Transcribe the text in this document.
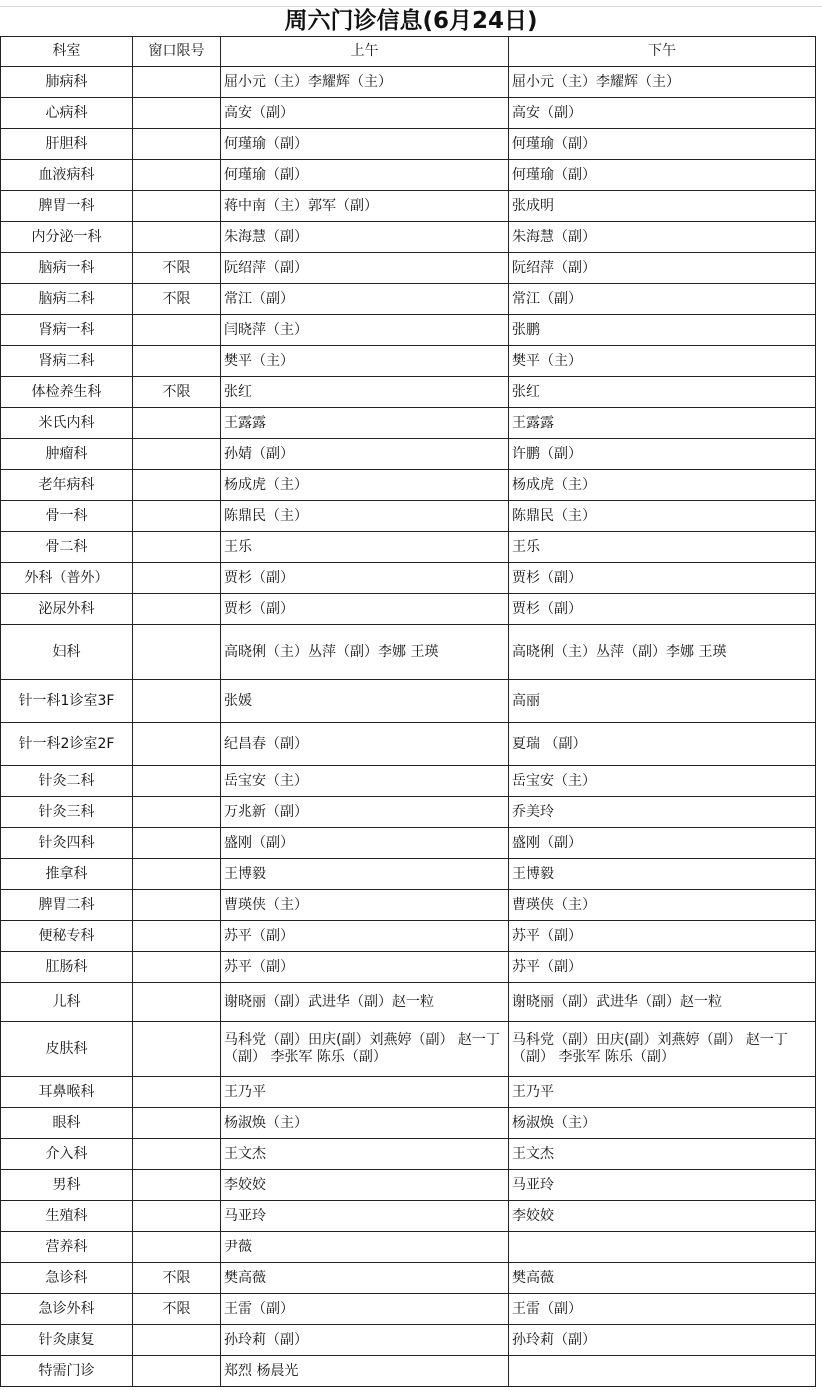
周六门诊信息(6月24日)
科室	窗口限号	上午	下午
肺病科		屈小元（主）李耀辉（主）	屈小元（主）李耀辉（主）
心病科		高安（副）	高安（副）
肝胆科		何瑾瑜（副）	何瑾瑜（副）
血液病科		何瑾瑜（副）	何瑾瑜（副）
脾胃一科		蒋中南（主）郭军（副）	张成明
内分泌一科		朱海慧（副）	朱海慧（副）
脑病一科	不限	阮绍萍（副）	阮绍萍（副）
脑病二科	不限	常江（副）	常江（副）
肾病一科		闫晓萍（主）	张鹏
肾病二科		樊平（主）	樊平（主）
体检养生科	不限	张红	张红
米氏内科		王露露	王露露
肿瘤科		孙婧（副）	许鹏（副）
老年病科		杨成虎（主）	杨成虎（主）
骨一科		陈鼎民（主）	陈鼎民（主）
骨二科		王乐	王乐
外科（普外）		贾杉（副）	贾杉（副）
泌尿外科		贾杉（副）	贾杉（副）
妇科		高晓俐（主）丛萍（副）李娜 王瑛	高晓俐（主）丛萍（副）李娜 王瑛
针一科1诊室3F		张媛	高丽
针一科2诊室2F		纪昌春（副）	夏瑞 （副）
针灸二科		岳宝安（主）	岳宝安（主）
针灸三科		万兆新（副）	乔美玲
针灸四科		盛刚（副）	盛刚（副）
推拿科		王博毅	王博毅
脾胃二科		曹瑛侠（主）	曹瑛侠（主）
便秘专科		苏平（副）	苏平（副）
肛肠科		苏平（副）	苏平（副）
儿科		谢晓丽（副）武进华（副）赵一粒	谢晓丽（副）武进华（副）赵一粒
皮肤科		马科党（副）田庆(副）刘燕婷（副） 赵一丁（副） 李张军 陈乐（副）	马科党（副）田庆(副）刘燕婷（副） 赵一丁（副） 李张军 陈乐（副）
耳鼻喉科		王乃平	王乃平
眼科		杨淑焕（主）	杨淑焕（主）
介入科		王文杰	王文杰
男科		李姣姣	马亚玲
生殖科		马亚玲	李姣姣
营养科		尹薇	
急诊科	不限	樊高薇	樊高薇
急诊外科	不限	王雷（副）	王雷（副）
针灸康复		孙玲莉（副）	孙玲莉（副）
特需门诊		郑烈 杨晨光	
